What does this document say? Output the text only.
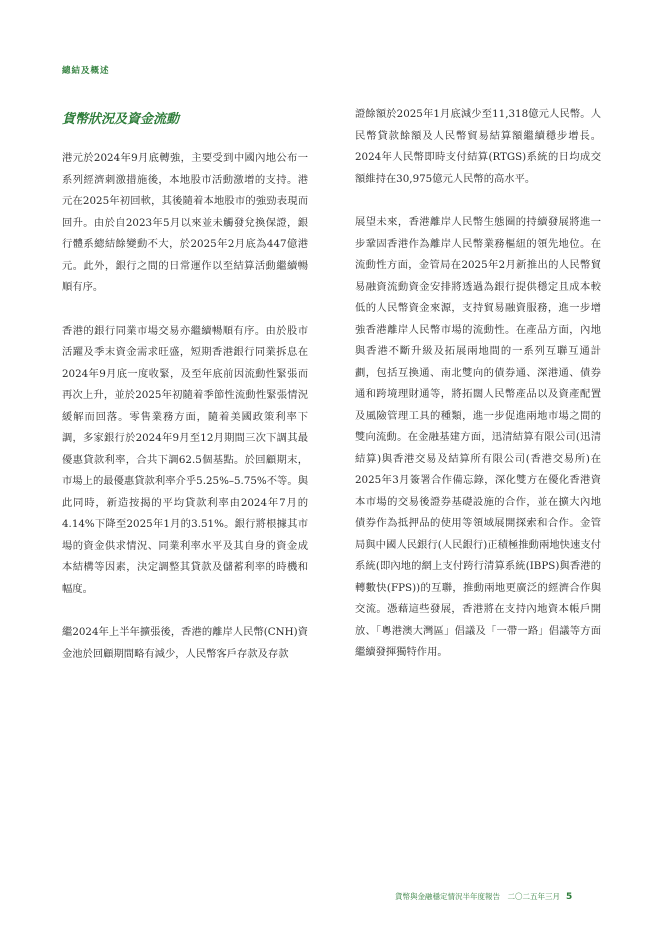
總結及概述
貨幣狀況及資金流動

港元於2024年9月底轉強，主要受到中國內地公布一系列經濟刺激措施後，本地股市活動激增的支持。港元在2025年初回軟，其後隨着本地股市的強勁表現而回升。由於自2023年5月以來並未觸發兌換保證，銀行體系總結餘變動不大，於2025年2月底為447億港元。此外，銀行之間的日常運作以至結算活動繼續暢順有序。

香港的銀行同業市場交易亦繼續暢順有序。由於股市活躍及季末資金需求旺盛，短期香港銀行同業拆息在2024年9月底一度收緊，及至年底前因流動性緊張而再次上升，並於2025年初隨着季節性流動性緊張情況緩解而回落。零售業務方面，隨着美國政策利率下調，多家銀行於2024年9月至12月期間三次下調其最優惠貸款利率，合共下調62.5個基點。於回顧期末，市場上的最優惠貸款利率介乎5.25%–5.75%不等。與此同時，新造按揭的平均貸款利率由2024年7月的4.14%下降至2025年1月的3.51%。銀行將根據其市場的資金供求情況、同業利率水平及其自身的資金成本結構等因素，決定調整其貸款及儲蓄利率的時機和幅度。

繼2024年上半年擴張後，香港的離岸人民幣(CNH)資金池於回顧期間略有減少，人民幣客戶存款及存款

證餘額於2025年1月底減少至11,318億元人民幣。人民幣貸款餘額及人民幣貿易結算額繼續穩步增長。2024年人民幣即時支付結算(RTGS)系統的日均成交額維持在30,975億元人民幣的高水平。

展望未來，香港離岸人民幣生態圈的持續發展將進一步鞏固香港作為離岸人民幣業務樞紐的領先地位。在流動性方面，金管局在2025年2月新推出的人民幣貿易融資流動資金安排將透過為銀行提供穩定且成本較低的人民幣資金來源，支持貿易融資服務，進一步增強香港離岸人民幣市場的流動性。在產品方面，內地與香港不斷升級及拓展兩地間的一系列互聯互通計劃，包括互換通、南北雙向的債券通、深港通、債券通和跨境理財通等，將拓闊人民幣產品以及資產配置及風險管理工具的種類，進一步促進兩地市場之間的雙向流動。在金融基建方面，迅清結算有限公司(迅清結算)與香港交易及結算所有限公司(香港交易所)在2025年3月簽署合作備忘錄，深化雙方在優化香港資本市場的交易後證券基礎設施的合作，並在擴大內地債券作為抵押品的使用等領域展開探索和合作。金管局與中國人民銀行(人民銀行)正積極推動兩地快速支付系統(即內地的網上支付跨行清算系統(IBPS)與香港的轉數快(FPS))的互聯，推動兩地更廣泛的經濟合作與交流。憑藉這些發展，香港將在支持內地資本帳戶開放、「粵港澳大灣區」倡議及「一帶一路」倡議等方面繼續發揮獨特作用。

貨幣與金融穩定情況半年度報告　二〇二五年三月 5
